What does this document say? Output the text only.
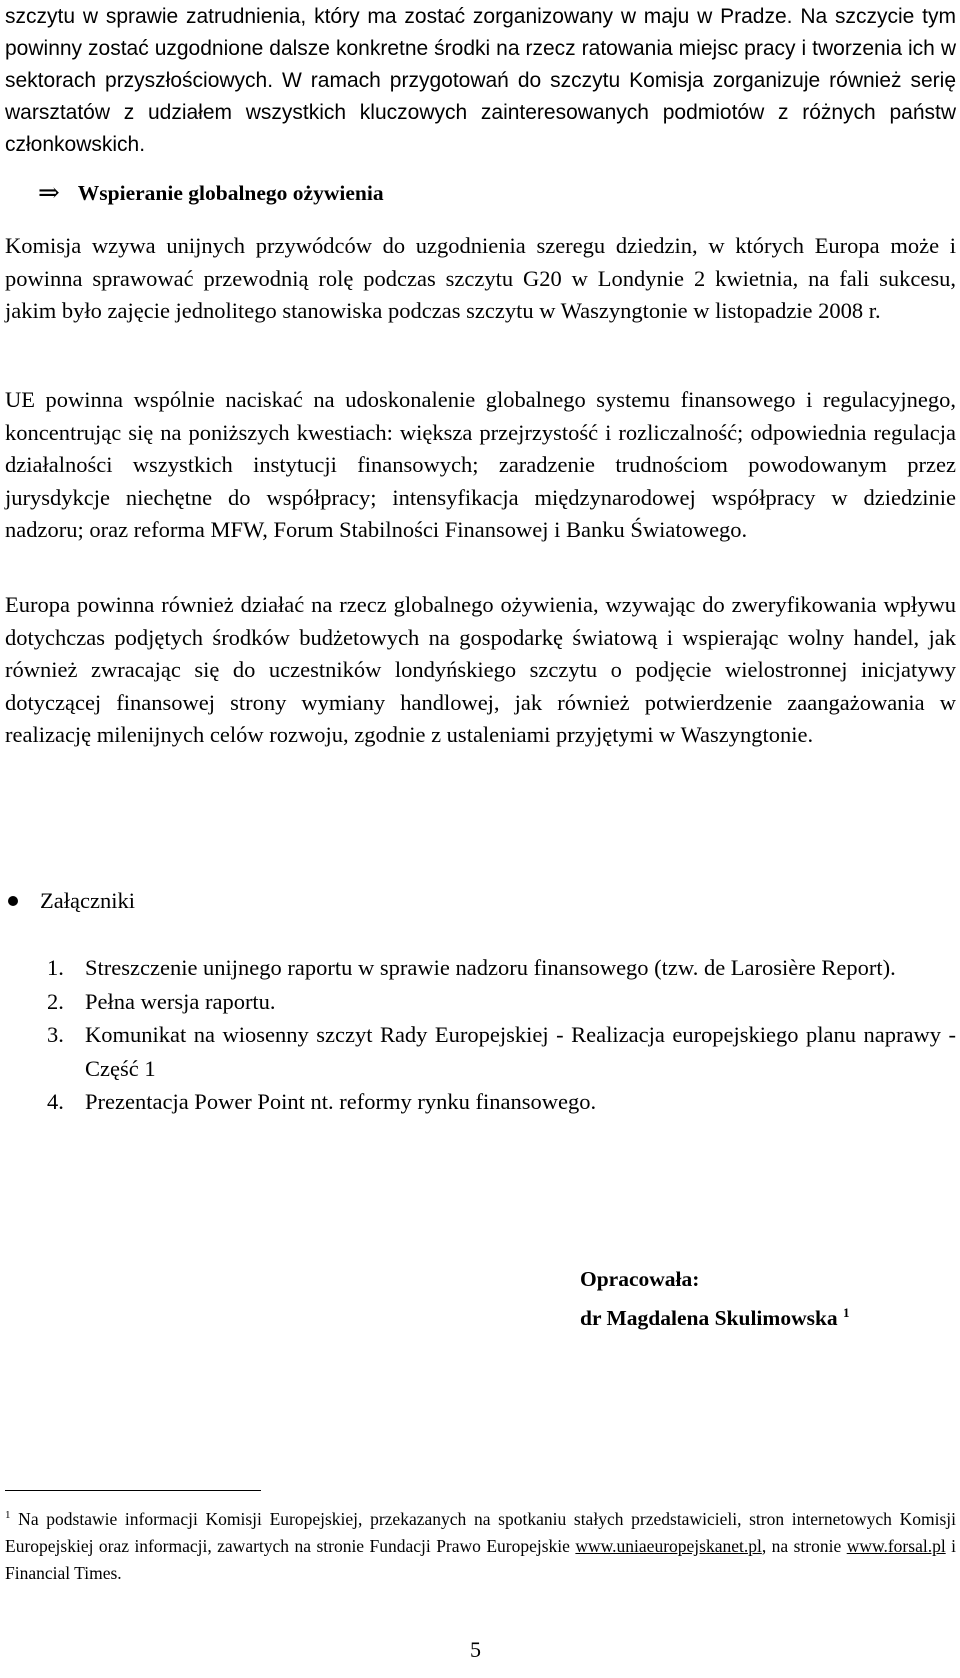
szczytu w sprawie zatrudnienia, który ma zostać zorganizowany w maju w Pradze. Na szczycie tym powinny zostać uzgodnione dalsze konkretne środki na rzecz ratowania miejsc pracy i tworzenia ich w sektorach przyszłościowych. W ramach przygotowań do szczytu Komisja zorganizuje również serię warsztatów z udziałem wszystkich kluczowych zainteresowanych podmiotów z różnych państw członkowskich.

⇒ Wspieranie globalnego ożywienia

Komisja wzywa unijnych przywódców do uzgodnienia szeregu dziedzin, w których Europa może i powinna sprawować przewodnią rolę podczas szczytu G20 w Londynie 2 kwietnia, na fali sukcesu, jakim było zajęcie jednolitego stanowiska podczas szczytu w Waszyngtonie w listopadzie 2008 r.

UE powinna wspólnie naciskać na udoskonalenie globalnego systemu finansowego i regulacyjnego, koncentrując się na poniższych kwestiach: większa przejrzystość i rozliczalność; odpowiednia regulacja działalności wszystkich instytucji finansowych; zaradzenie trudnościom powodowanym przez jurysdykcje niechętne do współpracy; intensyfikacja międzynarodowej współpracy w dziedzinie nadzoru; oraz reforma MFW, Forum Stabilności Finansowej i Banku Światowego.

Europa powinna również działać na rzecz globalnego ożywienia, wzywając do zweryfikowania wpływu dotychczas podjętych środków budżetowych na gospodarkę światową i wspierając wolny handel, jak również zwracając się do uczestników londyńskiego szczytu o podjęcie wielostronnej inicjatywy dotyczącej finansowej strony wymiany handlowej, jak również potwierdzenie zaangażowania w realizację milenijnych celów rozwoju, zgodnie z ustaleniami przyjętymi w Waszyngtonie.

Załączniki
1. Streszczenie unijnego raportu w sprawie nadzoru finansowego (tzw. de Larosière Report).
2. Pełna wersja raportu.
3. Komunikat na wiosenny szczyt Rady Europejskiej - Realizacja europejskiego planu naprawy - Część 1
4. Prezentacja Power Point nt. reformy rynku finansowego.
Opracowała:
dr Magdalena Skulimowska $^1$

$^1$ Na podstawie informacji Komisji Europejskiej, przekazanych na spotkaniu stałych przedstawicieli, stron internetowych Komisji Europejskiej oraz informacji, zawartych na stronie Fundacji Prawo Europejskie www.uniaeuropejskanet.pl, na stronie www.forsal.pl i Financial Times.

5
